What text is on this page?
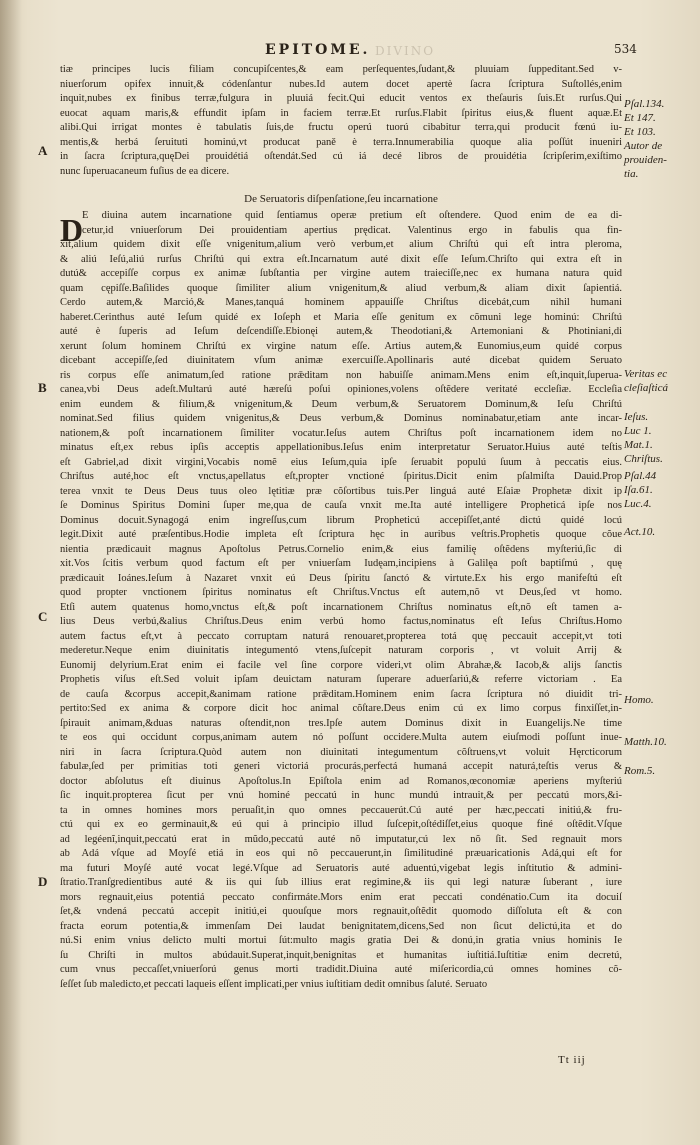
EPITOME. DIVINO	534
tiæ principes lucis filiam concupiſcentes,& eam perſequentes,ſudant,& pluuiam ſuppeditant.Sed v-
niuerſorum opifex innuit,& códenſantur nubes.Id autem docet apertè ſacra ſcriptura Suſtollés,enim
inquit,nubes ex finibus terræ,fulgura in pluuiá fecit.Qui educit ventos ex theſauris ſuis.Et rurſus.Qui
euocat aquam maris,& effundit ipſam in faciem terræ.Et rurſus.Flabit ſpiritus eius,& fluent aquæ.Et
alibi.Qui irrigat montes è tabulatis ſuis,de fructu operú tuorú cibabitur terra,qui producit fœnú iu-
mentis,& herbá ſeruituti hominú,vt producat paně è terra.Innumerabilia quoque alia poſſút inueniri
in ſacra ſcriptura,quęDei prouidétiá oſtendát.Sed cú iá decé libros de prouidétia ſcripſerim,exiſtimo
nunc ſuperuacaneum fuſius de ea dicere.
De Seruatoris diſpenſatione,ſeu incarnatione
E diuina autem incarnatione quid ſentiamus operæ pretium eſt oſtendere. Quod enim de ea di-
cetur,id vniuerſorum Dei prouidentiam apertius prędicat. Valentinus ergo in fabulis qua fin-
xit,alium quidem dixit eſſe vnigenitum,alium verò verbum,et alium Chriſtú qui eſt intra pleroma,
& aliú Ieſú,aliú rurſus Chriſtú qui extra eſt.Incarnatum auté dixit eſſe Ieſum.Chriſto qui extra eſt in
dutú& accepiſſe corpus ex animæ ſubſtantia per virgine autem traieciſſe,nec ex humana natura quid
quam cępiſſe.Baſilides quoque ſimiliter alium vnigenitum,& aliud verbum,& aliam dixit ſapientiá.
Cerdo autem,& Marció,& Manes,tanquá hominem appauiſſe Chriſtus dicebát,cum nihil humani
haberet.Cerinthus auté Ieſum quidé ex Ioſeph et Maria eſſe genitum ex cõmuni lege hominú: Chriſtú
auté è ſuperis ad Ieſum deſcendiſſe.Ebionęi autem,& Theodotiani,& Artemoniani & Photiniani,di
xerunt ſolum hominem Chriſtú ex virgine natum eſſe. Artius autem,& Eunomius,eum quidé corpus
dicebant accepiſſe,ſed diuinitatem vſum animæ exercuiſſe.Apollinaris auté dicebat quidem Seruato
ris corpus eſſe animatum,ſed ratione prǣditam non habuiſſe animam.Mens enim eſt,inquit,ſuperua-
canea,vbi Deus adeſt.Multarú auté hæreſú poſui opiniones,volens oſtẽdere veritaté eccleſiæ. Eccleſia
enim eundem & filium,& vnigenitum,& Deum verbum,& Seruatorem Dominum,& Ieſu Chriſtú
nominat.Sed filius quidem vnigenitus,& Deus verbum,& Dominus nominabatur,etiam ante incar-
nationem,& poſt incarnationem ſimiliter vocatur.Ieſus autem Chriſtus poſt incarnationem idem no
minatus eſt,ex rebus ipſis acceptis appellationibus.Ieſus enim interpretatur Seruator.Huius auté teſtis
eſt Gabriel,ad dixit virgini,Vocabis nomẽ eius Ieſum,quia ipſe ſeruabit populú ſuum à peccatis eius.
Chriſtus auté,hoc eſt vnctus,apellatus eſt,propter vnctioné ſpiritus.Dicit enim pſalmiſta Dauid.Prop
terea vnxit te Deus Deus tuus oleo lętitiæ præ cõſortibus tuis.Per linguá auté Eſaiæ Prophetæ dixit ip
ſe Dominus Spiritus Domini ſuper me,qua de cauſa vnxit me.Ita auté intelligere Propheticá ipſe nos
Dominus docuit.Synagogá enim ingreſſus,cum librum Propheticú accepiſſet,anté dictú quidé locú
legit.Dixit auté præſentibus.Hodie impleta eſt ſcriptura hęc in auribus veſtris.Prophetis quoque cõue
nientia prædicauit magnus Apoſtolus Petrus.Cornelio enim,& eius familię oſtẽdens myſteriú,ſic di
xit.Vos ſcitis verbum quod factum eſt per vniuerſam Iudęam,incipiens à Galilęa poſt baptiſmú , quę
prædicauit Ioánes.Ieſum à Nazaret vnxit eú Deus ſpiritu ſanctó & virtute.Ex his ergo manifeſtú eſt
quod propter vnctionem ſpiritus nominatus eſt Chriſtus.Vnctus eſt autem,nõ vt Deus,ſed vt homo.
Etſi autem quatenus homo,vnctus eſt,& poſt incarnationem Chriſtus nominatus eſt,nõ eſt tamen a-
lius Deus verbú,&alius Chriſtus.Deus enim verbú homo factus,nominatus eſt Ieſus Chriſtus.Homo
autem factus eſt,vt à peccato corruptam naturá renouaret,propterea totá quę peccauit accepit,vt toti
mederetur.Neque enim diuinitatis integumentó vtens,ſuſcepit naturam corporis , vt voluit Arrij &
Eunomij delyrium.Erat enim ei facile vel ſine corpore videri,vt olim Abrahæ,& Iacob,& alijs ſanctis
Prophetis viſus eſt.Sed voluit ipſam deuictam naturam ſuperare aduerſariú,& referre victoriam . Ea
de cauſa &corpus accepit,&animam ratione prǣditam.Hominem enim ſacra ſcriptura nó diuidit tri-
pertito:Sed ex anima & corpore dicit hoc animal cõſtare.Deus enim cú ex limo corpus finxiſſet,in-
ſpirauit animam,&duas naturas oſtendit,non tres.Ipſe autem Dominus dixit in Euangelijs.Ne time
te eos qui occidunt corpus,animam autem nó poſſunt occidere.Multa autem eiuſmodi poſſunt inue-
niri in ſacra ſcriptura.Quòd autem non diuinitati integumentum cõſtruens,vt voluit Hęrcticorum
fabulæ,ſed per primitias toti generi victoriá procurás,perfectá humaná accepit naturá,teſtis verus &
doctor abſolutus eſt diuinus Apoſtolus.In Epiſtola enim ad Romanos,œconomiæ aperiens myſteriú
ſic inquit.propterea ſicut per vnú hominé peccatú in hunc mundú intrauit,& per peccatú mors,&i-
ta in omnes homines mors peruaſit,in quo omnes peccauerút.Cú auté per hæc,peccati initiú,& fru-
ctú qui ex eo germinauit,& eú qui à principio illud ſuſcepit,oſtédiſſet,eius quoque finé oſtẽdit.Vſque
ad legéenĩ,inquit,peccatú erat in mũdo,peccatú auté nõ imputatur,cú lex nõ ſit. Sed regnauit mors
ab Adá vſque ad Moyſé etiá in eos qui nõ peccauerunt,in ſimilitudiné præuaricationis Adá,qui eſt for
ma futuri Moyſé auté vocat legé.Vſque ad Seruatoris auté aduentú,vigebat legis inſtitutio & admini-
ſtratio.Tranſgredientibus auté & iis qui ſub illius erat regimine,& iis qui legi naturæ ſuberant , iure
mors regnauit,eius potentiá peccato confirmáte.Mors enim erat peccati condénatio.Cum ita docuiſ
ſet,& vndená peccatú accepit initiú,ei quouſque mors regnauit,oſtẽdit quomodo diſſoluta eſt & con
fracta eorum potentia,& immenſam Dei laudat benignitatem,dicens,Sed non ſicut delictú,ita et do
nú.Si enim vnius delicto multi mortui ſút:multo magis gratia Dei & donú,in gratia vnius hominis Ie
ſu Chriſti in multos abúdauit.Superat,inquit,benignitas et humanitas iuſtitiá.Iuſtitiæ enim decretú,
cum vnus peccaſſet,vniuerſorú genus morti tradidit.Diuina auté miſericordia,cú omnes homines cõ-
ſeſſet ſub maledicto,et peccati laqueis eſſent implicati,per vnius iuſtitiam dedit omnibus ſaluté. Seruato
D
Pſal.134.
Et 147.
Et 103.
Autor de
prouiden-
tia.
Veritas ec
cleſiaſticá
Ieſus.
Luc 1.
Mat.1.
Chriſtus.
Pſal.44
Iſa.61.
Luc.4.
Act.10.
Homo.
Matth.10.
Rom.5.
A
B
C
D
Tt iij
